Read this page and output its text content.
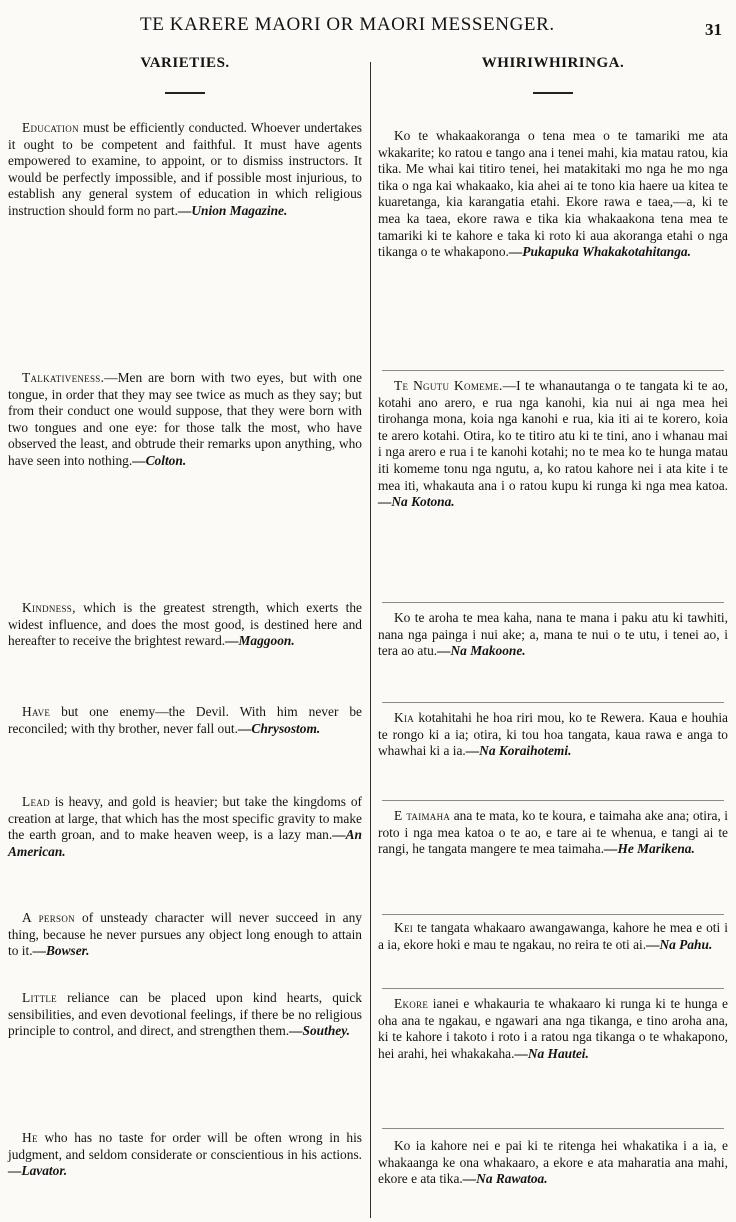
TE KARERE MAORI OR MAORI MESSENGER.	31
VARIETIES.

Education must be efficiently conducted. Whoever undertakes it ought to be competent and faithful. It must have agents empowered to examine, to appoint, or to dismiss instructors. It would be perfectly impossible, and if possible most injurious, to establish any general system of education in which religious instruction should form no part.—Union Magazine.

Talkativeness.—Men are born with two eyes, but with one tongue, in order that they may see twice as much as they say; but from their conduct one would suppose, that they were born with two tongues and one eye: for those talk the most, who have observed the least, and obtrude their remarks upon anything, who have seen into nothing.—Colton.

Kindness, which is the greatest strength, which exerts the widest influence, and does the most good, is destined here and hereafter to receive the brightest reward.—Maggoon.

Have but one enemy—the Devil. With him never be reconciled; with thy brother, never fall out.—Chrysostom.

Lead is heavy, and gold is heavier; but take the kingdoms of creation at large, that which has the most specific gravity to make the earth groan, and to make heaven weep, is a lazy man.—An American.

A person of unsteady character will never succeed in any thing, because he never pursues any object long enough to attain to it.—Bowser.

Little reliance can be placed upon kind hearts, quick sensibilities, and even devotional feelings, if there be no religious principle to control, and direct, and strengthen them.—Southey.

He who has no taste for order will be often wrong in his judgment, and seldom considerate or conscientious in his actions.—Lavator.

WHIRIWHIRINGA.

Ko te whakaakoranga o tena mea o te tamariki me ata wkakarite; ko ratou e tango ana i tenei mahi, kia matau ratou, kia tika. Me whai kai titiro tenei, hei matakitaki mo nga he mo nga tika o nga kai whakaako, kia ahei ai te tono kia haere ua kitea te kuaretanga, kia karangatia etahi. Ekore rawa e taea,—a, ki te mea ka taea, ekore rawa e tika kia whakaakona tena mea te tamariki ki te kahore e taka ki roto ki aua akoranga etahi o nga tikanga o te whakapono.—Pukapuka Whakakotahitanga.

Te Ngutu Komeme.—I te whanautanga o te tangata ki te ao, kotahi ano arero, e rua nga kanohi, kia nui ai nga mea hei tirohanga mona, koia nga kanohi e rua, kia iti ai te korero, koia te arero kotahi. Otira, ko te titiro atu ki te tini, ano i whanau mai i nga arero e rua i te kanohi kotahi; no te mea ko te hunga matau iti komeme tonu nga ngutu, a, ko ratou kahore nei i ata kite i te mea iti, whakauta ana i o ratou kupu ki runga ki nga mea katoa.—Na Kotona.

Ko te aroha te mea kaha, nana te mana i paku atu ki tawhiti, nana nga painga i nui ake; a, mana te nui o te utu, i tenei ao, i tera ao atu.—Na Makoone.

Kia kotahitahi he hoa riri mou, ko te Rewera. Kaua e houhia te rongo ki a ia; otira, ki tou hoa tangata, kaua rawa e anga to whawhai ki a ia.—Na Koraihotemi.

E taimaha ana te mata, ko te koura, e taimaha ake ana; otira, i roto i nga mea katoa o te ao, e tare ai te whenua, e tangi ai te rangi, he tangata mangere te mea taimaha.—He Marikena.

Kei te tangata whakaaro awangawanga, kahore he mea e oti i a ia, ekore hoki e mau te ngakau, no reira te oti ai.—Na Pahu.

Ekore ianei e whakauria te whakaaro ki runga ki te hunga e oha ana te ngakau, e ngawari ana nga tikanga, e tino aroha ana, ki te kahore i takoto i roto i a ratou nga tikanga o te whakapono, hei arahi, hei whakakaha.—Na Hautei.

Ko ia kahore nei e pai ki te ritenga hei whakatika i a ia, e whakaanga ke ona whakaaro, a ekore e ata maharatia ana mahi, ekore e ata tika.—Na Rawatoa.
